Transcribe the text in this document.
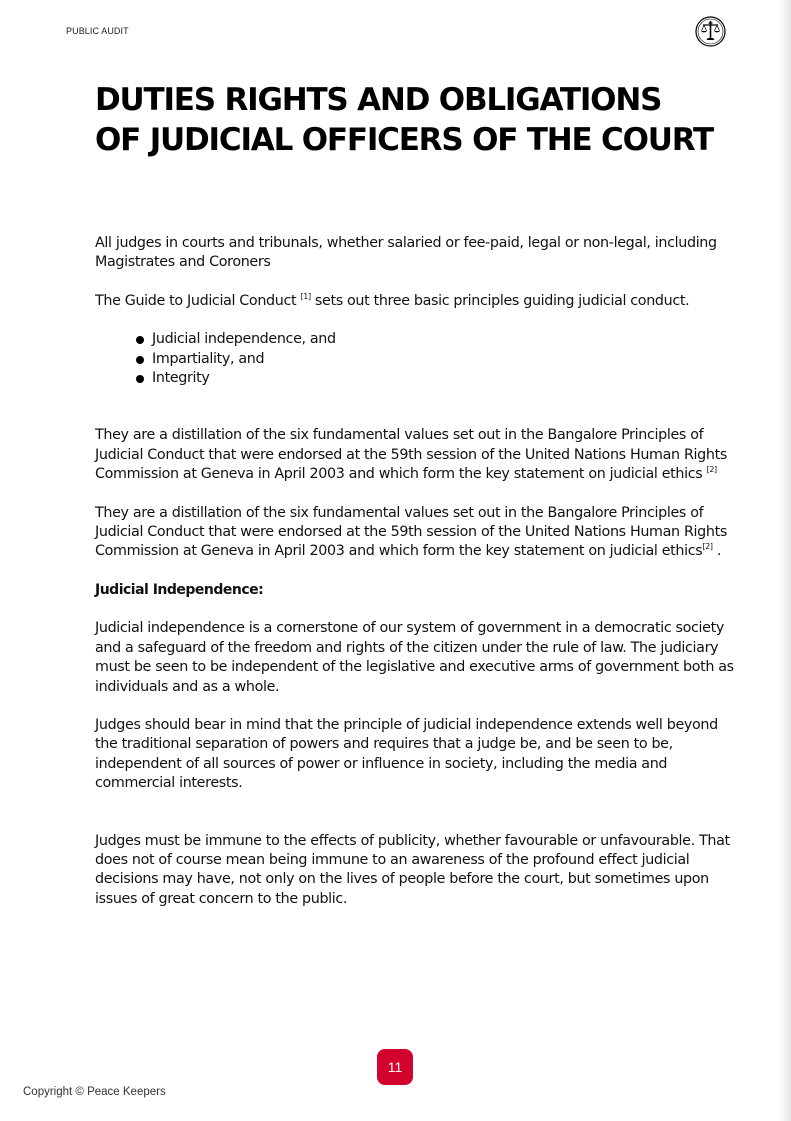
PUBLIC AUDIT
DUTIES RIGHTS AND OBLIGATIONS OF JUDICIAL OFFICERS OF THE COURT

All judges in courts and tribunals, whether salaried or fee-paid, legal or non-legal, including Magistrates and Coroners

The Guide to Judicial Conduct [1] sets out three basic principles guiding judicial conduct.

Judicial independence, and
Impartiality, and
Integrity

They are a distillation of the six fundamental values set out in the Bangalore Principles of Judicial Conduct that were endorsed at the 59th session of the United Nations Human Rights Commission at Geneva in April 2003 and which form the key statement on judicial ethics [2]

They are a distillation of the six fundamental values set out in the Bangalore Principles of Judicial Conduct that were endorsed at the 59th session of the United Nations Human Rights Commission at Geneva in April 2003 and which form the key statement on judicial ethics[2] .

Judicial Independence:

Judicial independence is a cornerstone of our system of government in a democratic society and a safeguard of the freedom and rights of the citizen under the rule of law. The judiciary must be seen to be independent of the legislative and executive arms of government both as individuals and as a whole.

Judges should bear in mind that the principle of judicial independence extends well beyond the traditional separation of powers and requires that a judge be, and be seen to be, independent of all sources of power or influence in society, including the media and commercial interests.

Judges must be immune to the effects of publicity, whether favourable or unfavourable. That does not of course mean being immune to an awareness of the profound effect judicial decisions may have, not only on the lives of people before the court, but sometimes upon issues of great concern to the public.

11
Copyright © Peace Keepers
